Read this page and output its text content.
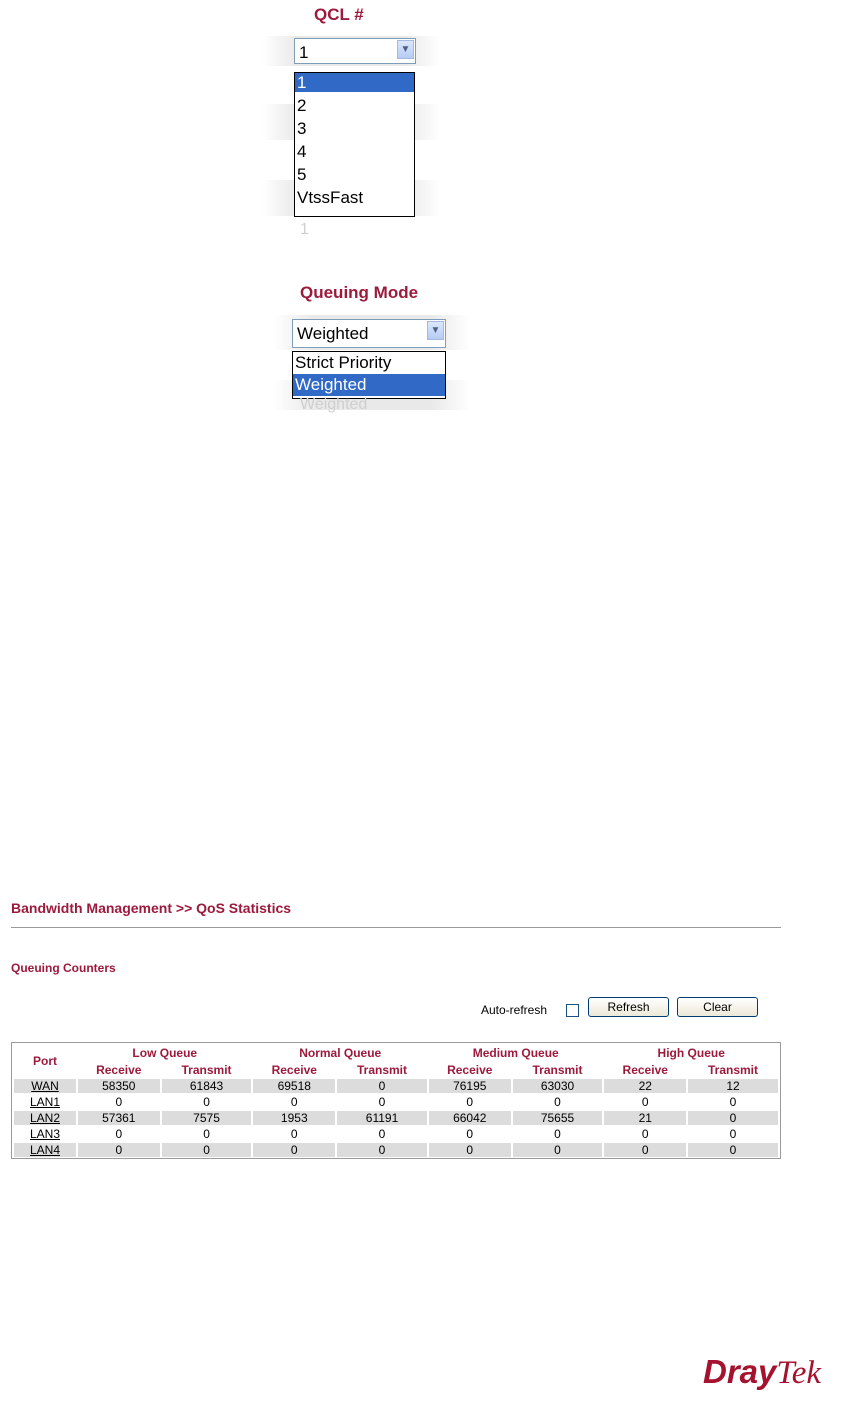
QCL #
1	▼
1
2
3
4
5
VtssFast
1
Queuing Mode
Weighted	▼
Strict Priority
Weighted
Weighted
Bandwidth Management >> QoS Statistics
Queuing Counters
Auto-refresh	Refresh	Clear
Port	Low Queue		Normal Queue		Medium Queue		High Queue	
	Receive	Transmit	Receive	Transmit	Receive	Transmit	Receive	Transmit
WAN	58350	61843	69518	0	76195	63030	22	12
LAN1	0	0	0	0	0	0	0	0
LAN2	57361	7575	1953	61191	66042	75655	21	0
LAN3	0	0	0	0	0	0	0	0
LAN4	0	0	0	0	0	0	0	0
DrayTek
